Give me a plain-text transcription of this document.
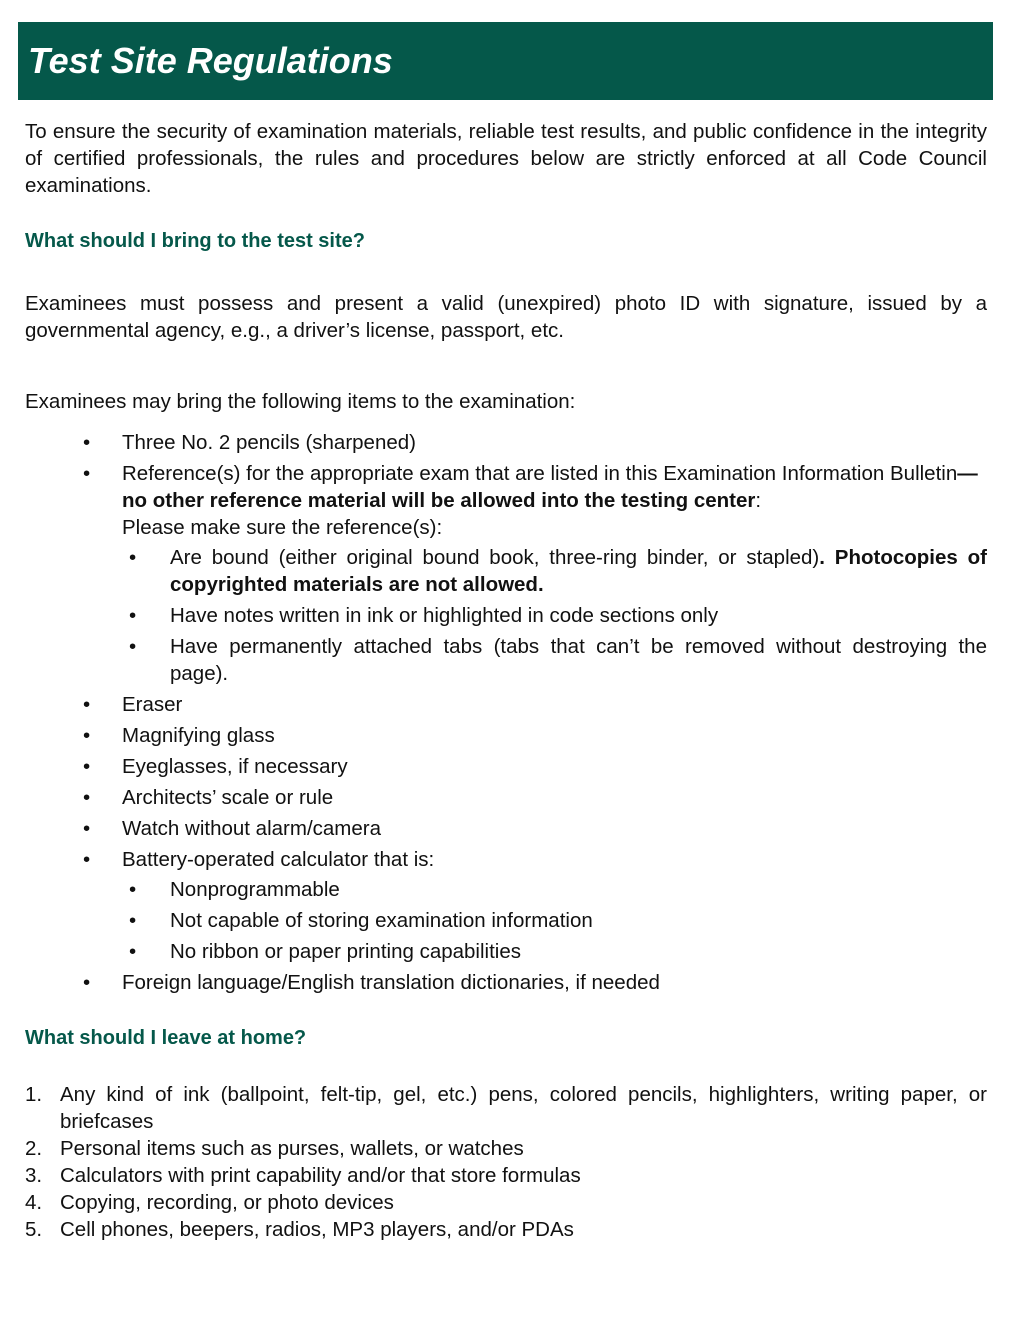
Test Site Regulations

To ensure the security of examination materials, reliable test results, and public confidence in the integrity of certified professionals, the rules and procedures below are strictly enforced at all Code Council examinations.

What should I bring to the test site?

Examinees must possess and present a valid (unexpired) photo ID with signature, issued by a governmental agency, e.g., a driver’s license, passport, etc.

Examinees may bring the following items to the examination:

• Three No. 2 pencils (sharpened)
• Reference(s) for the appropriate exam that are listed in this Examination Information Bulletin—no other reference material will be allowed into the testing center:
Please make sure the reference(s):
• Are bound (either original bound book, three-ring binder, or stapled). Photocopies of copyrighted materials are not allowed.
• Have notes written in ink or highlighted in code sections only
• Have permanently attached tabs (tabs that can’t be removed without destroying the page).
• Eraser
• Magnifying glass
• Eyeglasses, if necessary
• Architects’ scale or rule
• Watch without alarm/camera
• Battery-operated calculator that is:
• Nonprogrammable
• Not capable of storing examination information
• No ribbon or paper printing capabilities
• Foreign language/English translation dictionaries, if needed
What should I leave at home?
1. Any kind of ink (ballpoint, felt-tip, gel, etc.) pens, colored pencils, highlighters, writing paper, or briefcases
2. Personal items such as purses, wallets, or watches
3. Calculators with print capability and/or that store formulas
4. Copying, recording, or photo devices
5. Cell phones, beepers, radios, MP3 players, and/or PDAs
